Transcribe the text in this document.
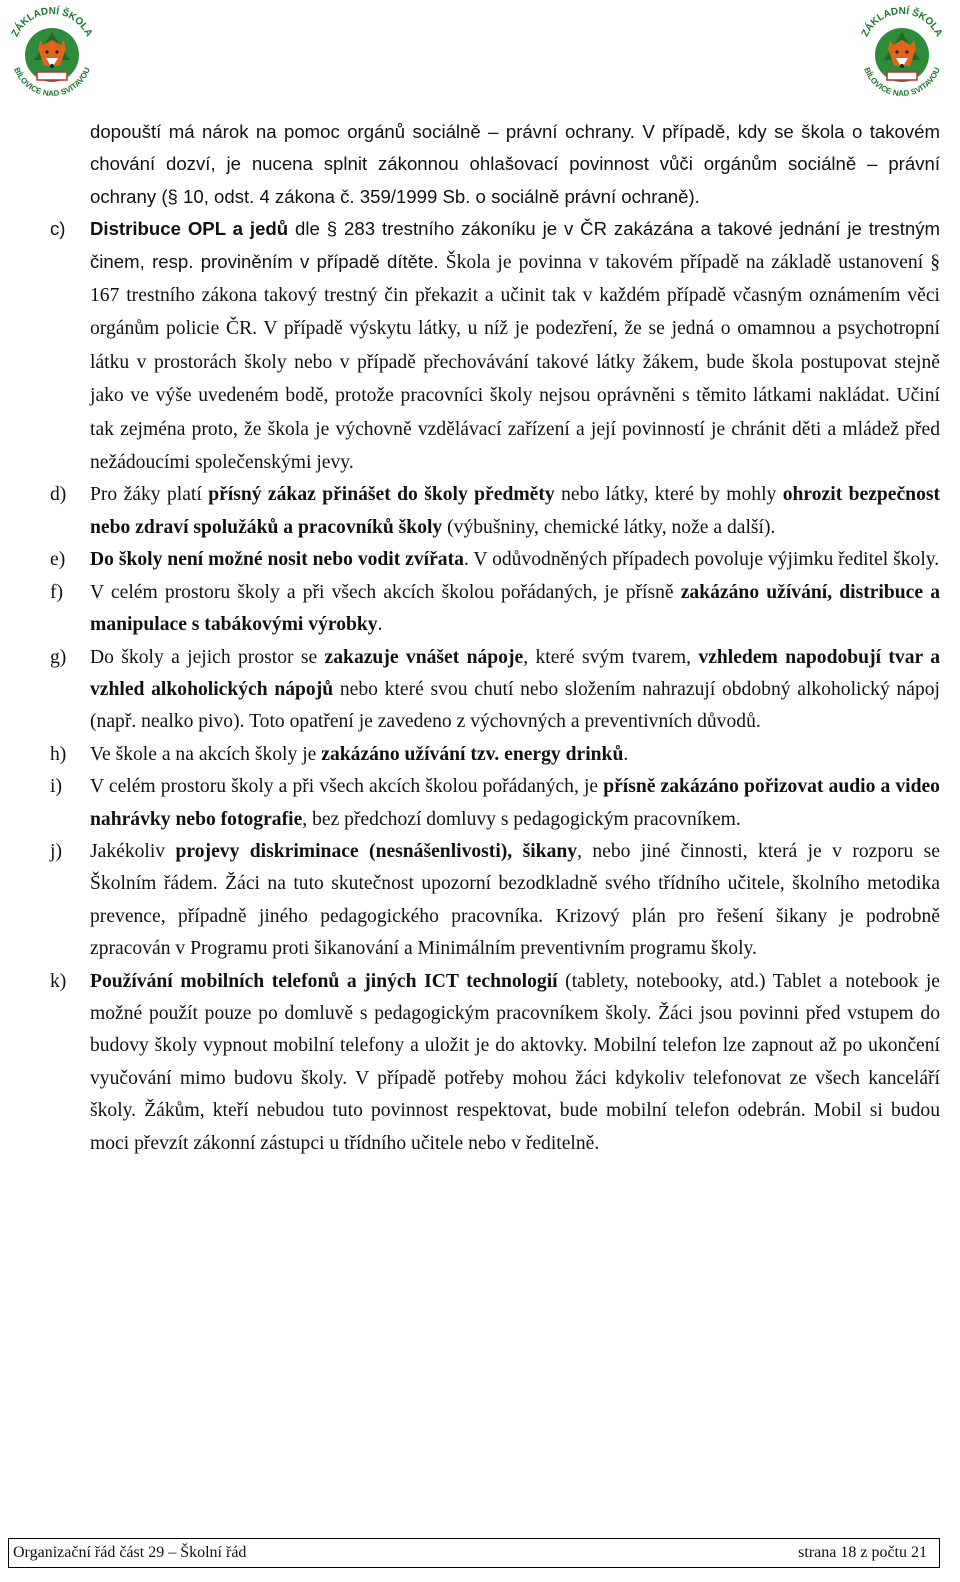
ZÁKLADNÍ ŠKOLA
BÍLOVICE NAD SVITAVOU
ZÁKLADNÍ ŠKOLA
BÍLOVICE NAD SVITAVOU
dopouští má nárok na pomoc orgánů sociálně – právní ochrany. V případě, kdy se škola o takovém chování dozví, je nucena splnit zákonnou ohlašovací povinnost vůči orgánům sociálně – právní ochrany (§ 10, odst. 4 zákona č. 359/1999 Sb. o sociálně právní ochraně).
c)	Distribuce OPL a jedů dle § 283 trestního zákoníku je v ČR zakázána a takové jednání je trestným činem, resp. proviněním v případě dítěte. Škola je povinna v takovém případě na základě ustanovení § 167 trestního zákona takový trestný čin překazit a učinit tak v každém případě včasným oznámením věci orgánům policie ČR. V případě výskytu látky, u níž je podezření, že se jedná o omamnou a psychotropní látku v prostorách školy nebo v případě přechovávání takové látky žákem, bude škola postupovat stejně jako ve výše uvedeném bodě, protože pracovníci školy nejsou oprávněni s těmito látkami nakládat. Učiní tak zejména proto, že škola je výchovně vzdělávací zařízení a její povinností je chránit děti a mládež před nežádoucími společenskými jevy.
d)	Pro žáky platí přísný zákaz přinášet do školy předměty nebo látky, které by mohly ohrozit bezpečnost nebo zdraví spolužáků a pracovníků školy (výbušniny, chemické látky, nože a další).
e)	Do školy není možné nosit nebo vodit zvířata. V odůvodněných případech povoluje výjimku ředitel školy.
f)	V celém prostoru školy a při všech akcích školou pořádaných, je přísně zakázáno užívání, distribuce a manipulace s tabákovými výrobky.
g)	Do školy a jejich prostor se zakazuje vnášet nápoje, které svým tvarem, vzhledem napodobují tvar a vzhled alkoholických nápojů nebo které svou chutí nebo složením nahrazují obdobný alkoholický nápoj (např. nealko pivo). Toto opatření je zavedeno z výchovných a preventivních důvodů.
h)	Ve škole a na akcích školy je zakázáno užívání tzv. energy drinků.
i)	V celém prostoru školy a při všech akcích školou pořádaných, je přísně zakázáno pořizovat audio a video nahrávky nebo fotografie, bez předchozí domluvy s pedagogickým pracovníkem.
j)	Jakékoliv projevy diskriminace (nesnášenlivosti), šikany, nebo jiné činnosti, která je v rozporu se Školním řádem. Žáci na tuto skutečnost upozorní bezodkladně svého třídního učitele, školního metodika prevence, případně jiného pedagogického pracovníka. Krizový plán pro řešení šikany je podrobně zpracován v Programu proti šikanování a Minimálním preventivním programu školy.
k)	Používání mobilních telefonů a jiných ICT technologií (tablety, notebooky, atd.) Tablet a notebook je možné použít pouze po domluvě s pedagogickým pracovníkem školy. Žáci jsou povinni před vstupem do budovy školy vypnout mobilní telefony a uložit je do aktovky. Mobilní telefon lze zapnout až po ukončení vyučování mimo budovu školy. V případě potřeby mohou žáci kdykoliv telefonovat ze všech kanceláří školy. Žákům, kteří nebudou tuto povinnost respektovat, bude mobilní telefon odebrán. Mobil si budou moci převzít zákonní zástupci u třídního učitele nebo v ředitelně.
Organizační řád část 29 – Školní řád	strana 18 z počtu 21
